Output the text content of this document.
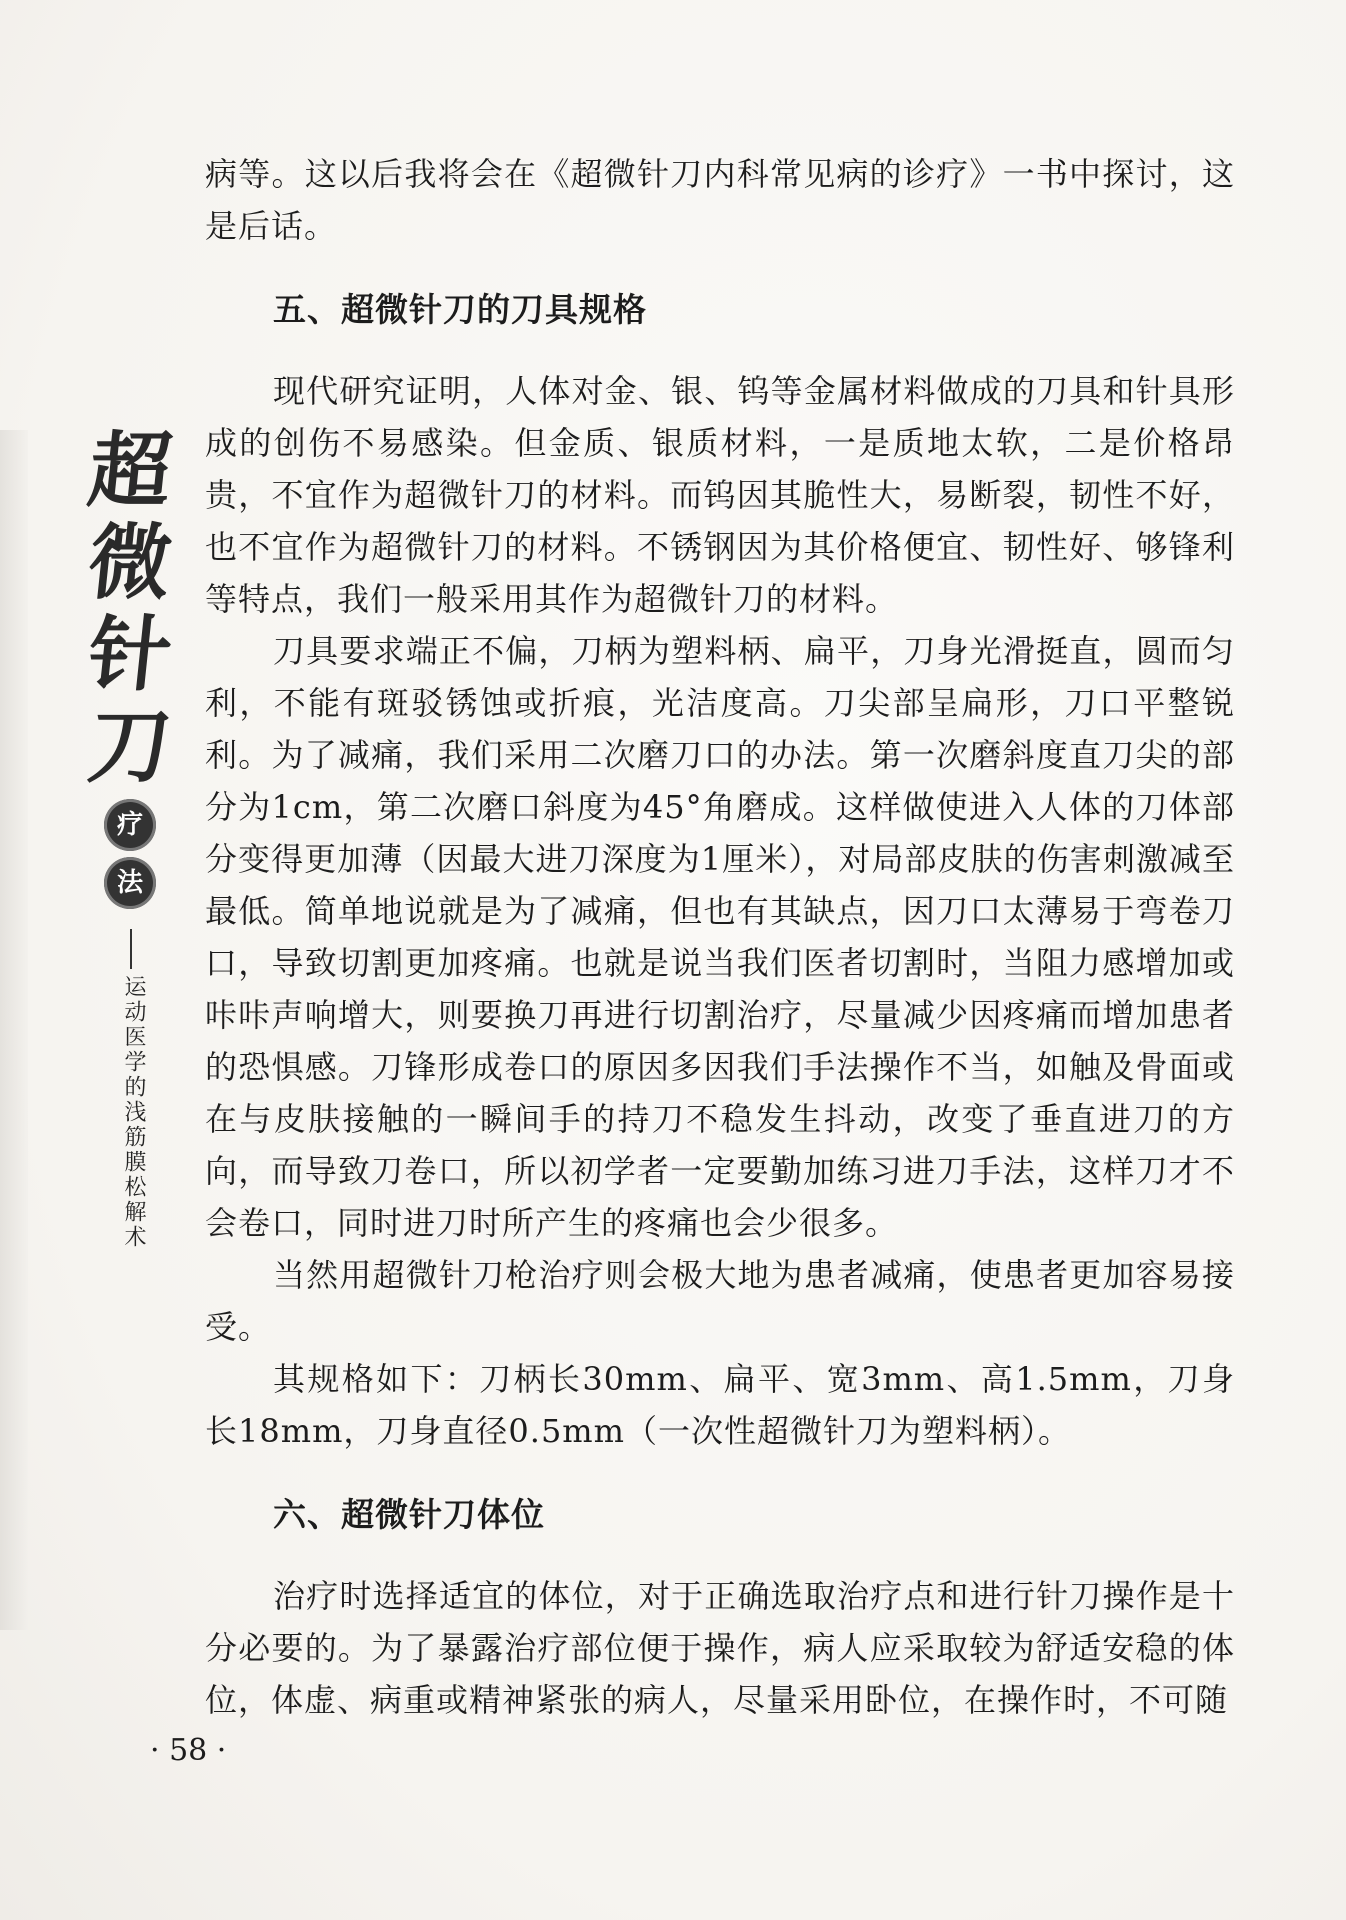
超
微
针
刀
疗
法
运动医学的浅筋膜松解术

病等。这以后我将会在《超微针刀内科常见病的诊疗》一书中探讨，这是后话。

五、超微针刀的刀具规格

现代研究证明，人体对金、银、钨等金属材料做成的刀具和针具形成的创伤不易感染。但金质、银质材料，一是质地太软，二是价格昂贵，不宜作为超微针刀的材料。而钨因其脆性大，易断裂，韧性不好，也不宜作为超微针刀的材料。不锈钢因为其价格便宜、韧性好、够锋利等特点，我们一般采用其作为超微针刀的材料。

刀具要求端正不偏，刀柄为塑料柄、扁平，刀身光滑挺直，圆而匀利，不能有斑驳锈蚀或折痕，光洁度高。刀尖部呈扁形，刀口平整锐利。为了减痛，我们采用二次磨刀口的办法。第一次磨斜度直刀尖的部分为1cm，第二次磨口斜度为45°角磨成。这样做使进入人体的刀体部分变得更加薄（因最大进刀深度为1厘米），对局部皮肤的伤害刺激减至最低。简单地说就是为了减痛，但也有其缺点，因刀口太薄易于弯卷刀口，导致切割更加疼痛。也就是说当我们医者切割时，当阻力感增加或咔咔声响增大，则要换刀再进行切割治疗，尽量减少因疼痛而增加患者的恐惧感。刀锋形成卷口的原因多因我们手法操作不当，如触及骨面或在与皮肤接触的一瞬间手的持刀不稳发生抖动，改变了垂直进刀的方向，而导致刀卷口，所以初学者一定要勤加练习进刀手法，这样刀才不会卷口，同时进刀时所产生的疼痛也会少很多。

当然用超微针刀枪治疗则会极大地为患者减痛，使患者更加容易接受。

其规格如下：刀柄长30mm、扁平、宽3mm、高1.5mm，刀身长18mm，刀身直径0.5mm（一次性超微针刀为塑料柄）。

六、超微针刀体位

治疗时选择适宜的体位，对于正确选取治疗点和进行针刀操作是十分必要的。为了暴露治疗部位便于操作，病人应采取较为舒适安稳的体位，体虚、病重或精神紧张的病人，尽量采用卧位，在操作时，不可随

· 58 ·
